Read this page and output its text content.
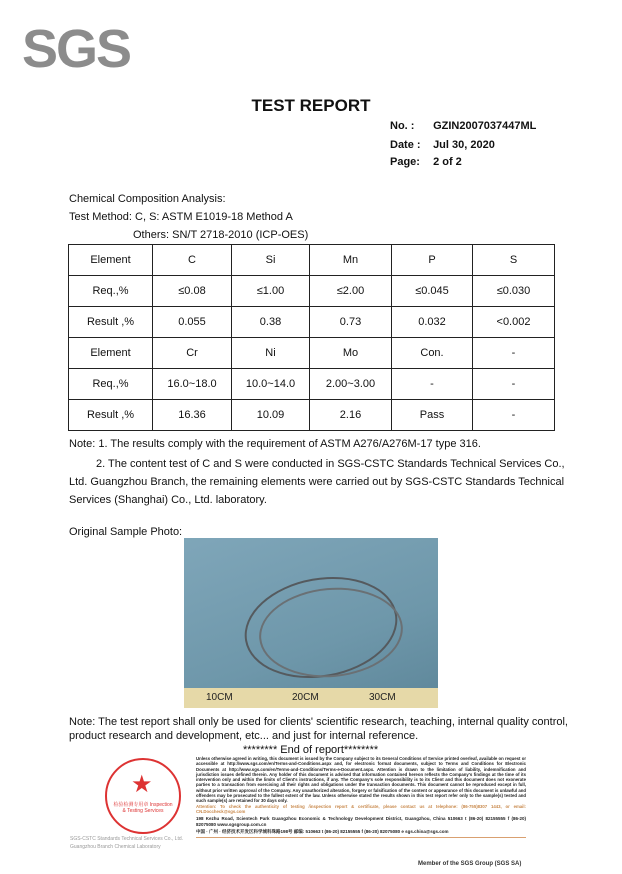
SGS
TEST REPORT
No. : GZIN2007037447ML
Date : Jul 30, 2020
Page: 2 of 2
Chemical Composition Analysis:
Test Method: C, S: ASTM E1019-18 Method A
Others: SN/T 2718-2010 (ICP-OES)
Element	C	Si	Mn	P	S
Req.,%	≤0.08	≤1.00	≤2.00	≤0.045	≤0.030
Result ,%	0.055	0.38	0.73	0.032	<0.002
Element	Cr	Ni	Mo	Con.	-
Req.,%	16.0~18.0	10.0~14.0	2.00~3.00	-	-
Result ,%	16.36	10.09	2.16	Pass	-
Note: 1. The results comply with the requirement of ASTM A276/A276M-17 type 316.
2. The content test of C and S were conducted in SGS-CSTC Standards Technical Services Co.,
Ltd. Guangzhou Branch, the remaining elements were carried out by SGS-CSTC Standards Technical
Services (Shanghai) Co., Ltd. laboratory.
Original Sample Photo:
10CM	20CM	30CM
Note: The test report shall only be used for clients' scientific research, teaching, internal quality control,
product research and development, etc... and just for internal reference.
******** End of report********
★
检验检测专用章 Inspection & Testing Services
SGS-CSTC Standards Technical Services Co., Ltd.
Guangzhou Branch Chemical Laboratory
Unless otherwise agreed in writing, this document is issued by the Company subject to its General Conditions of Service printed overleaf, available on request or accessible at http://www.sgs.com/en/Terms-and-Conditions.aspx and, for electronic format documents, subject to Terms and Conditions for Electronic Documents at http://www.sgs.com/en/Terms-and-Conditions/Terms-e-Document.aspx. Attention is drawn to the limitation of liability, indemnification and jurisdiction issues defined therein. Any holder of this document is advised that information contained hereon reflects the Company's findings at the time of its intervention only and within the limits of Client's instructions, if any. The Company's sole responsibility is to its Client and this document does not exonerate parties to a transaction from exercising all their rights and obligations under the transaction documents. This document cannot be reproduced except in full, without prior written approval of the Company. Any unauthorized alteration, forgery or falsification of the content or appearance of this document is unlawful and offenders may be prosecuted to the fullest extent of the law. Unless otherwise stated the results shown in this test report refer only to the sample(s) tested and such sample(s) are retained for 30 days only.
Attention: To check the authenticity of testing /inspection report & certificate, please contact us at telephone: (86-755)8307 1443, or email: CN.Doccheck@sgs.com
198 Kezhu Road, Scientech Park Guangzhou Economic & Technology Development District, Guangzhou, China 510663 t (86-20) 82155555 f (86-20) 82075080 www.sgsgroup.com.cn
中国 · 广州 · 经济技术开发区科学城科珠路198号 邮编: 510663 t (86-20) 82155555 f (86-20) 82075080 e sgs.china@sgs.com
Member of the SGS Group (SGS SA)
